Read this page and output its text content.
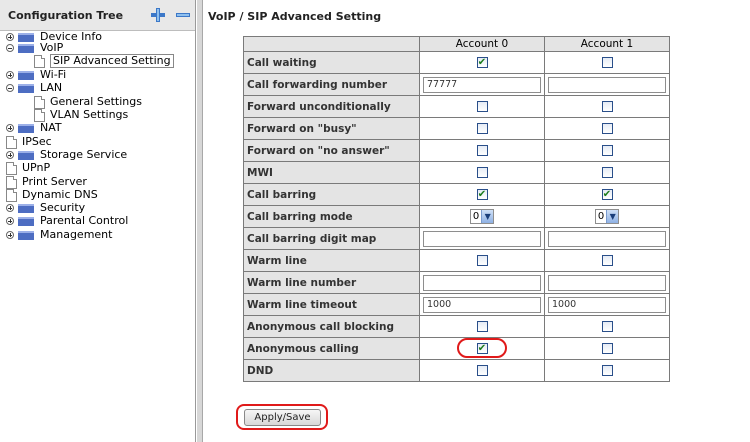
Configuration Tree
Device Info
VoIP
SIP Advanced Setting
Wi-Fi
LAN
General Settings
VLAN Settings
NAT
IPSec
Storage Service
UPnP
Print Server
Dynamic DNS
Security
Parental Control
Management
VoIP / SIP Advanced Setting
	Account 0	Account 1
Call waiting	✔	
Call forwarding number	77777	

Forward unconditionally		
Forward on "busy"		
Forward on "no answer"		
MWI		
Call barring	✔	✔
Call barring mode	0 ▼	0 ▼

Call barring digit map	

Warm line		
Warm line number	

Warm line timeout	1000	1000

Anonymous call blocking		
Anonymous calling	✔	
DND		
Apply/Save
